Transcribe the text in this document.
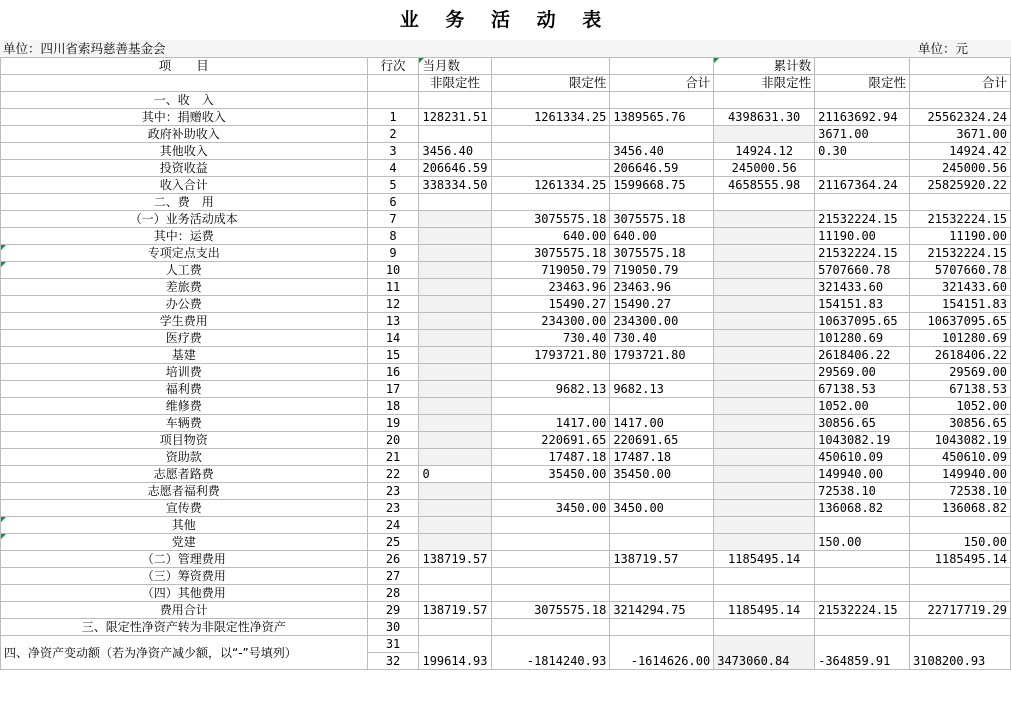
业 务 活 动 表
单位：四川省索玛慈善基金会	单位：元
项　　目	行次	当月数			累计数		
		非限定性	限定性	合计	非限定性	限定性	合计
一、收　入							
其中：捐赠收入	1	128231.51	1261334.25	1389565.76	4398631.30	21163692.94	25562324.24
政府补助收入	2					3671.00	3671.00
其他收入	3	3456.40		3456.40	14924.12	0.30	14924.42
投资收益	4	206646.59		206646.59	245000.56		245000.56
收入合计	5	338334.50	1261334.25	1599668.75	4658555.98	21167364.24	25825920.22
二、费　用	6						
（一）业务活动成本	7		3075575.18	3075575.18		21532224.15	21532224.15
其中：运费	8		640.00	640.00		11190.00	11190.00
专项定点支出	9		3075575.18	3075575.18		21532224.15	21532224.15
人工费	10		719050.79	719050.79		5707660.78	5707660.78
差旅费	11		23463.96	23463.96		321433.60	321433.60
办公费	12		15490.27	15490.27		154151.83	154151.83
学生费用	13		234300.00	234300.00		10637095.65	10637095.65
医疗费	14		730.40	730.40		101280.69	101280.69
基建	15		1793721.80	1793721.80		2618406.22	2618406.22
培训费	16					29569.00	29569.00
福利费	17		9682.13	9682.13		67138.53	67138.53
维修费	18					1052.00	1052.00
车辆费	19		1417.00	1417.00		30856.65	30856.65
项目物资	20		220691.65	220691.65		1043082.19	1043082.19
资助款	21		17487.18	17487.18		450610.09	450610.09
志愿者路费	22	0	35450.00	35450.00		149940.00	149940.00
志愿者福利费	23					72538.10	72538.10
宣传费	23		3450.00	3450.00		136068.82	136068.82
其他	24						
党建	25					150.00	150.00
（二）管理费用	26	138719.57		138719.57	1185495.14		1185495.14
（三）筹资费用	27						
（四）其他费用	28						
费用合计	29	138719.57	3075575.18	3214294.75	1185495.14	21532224.15	22717719.29
三、限定性净资产转为非限定性净资产	30						
四、净资产变动额（若为净资产减少额，以“-”号填列）	31	199614.93	-1814240.93	-1614626.00	3473060.84	-364859.91	3108200.93
	32						
